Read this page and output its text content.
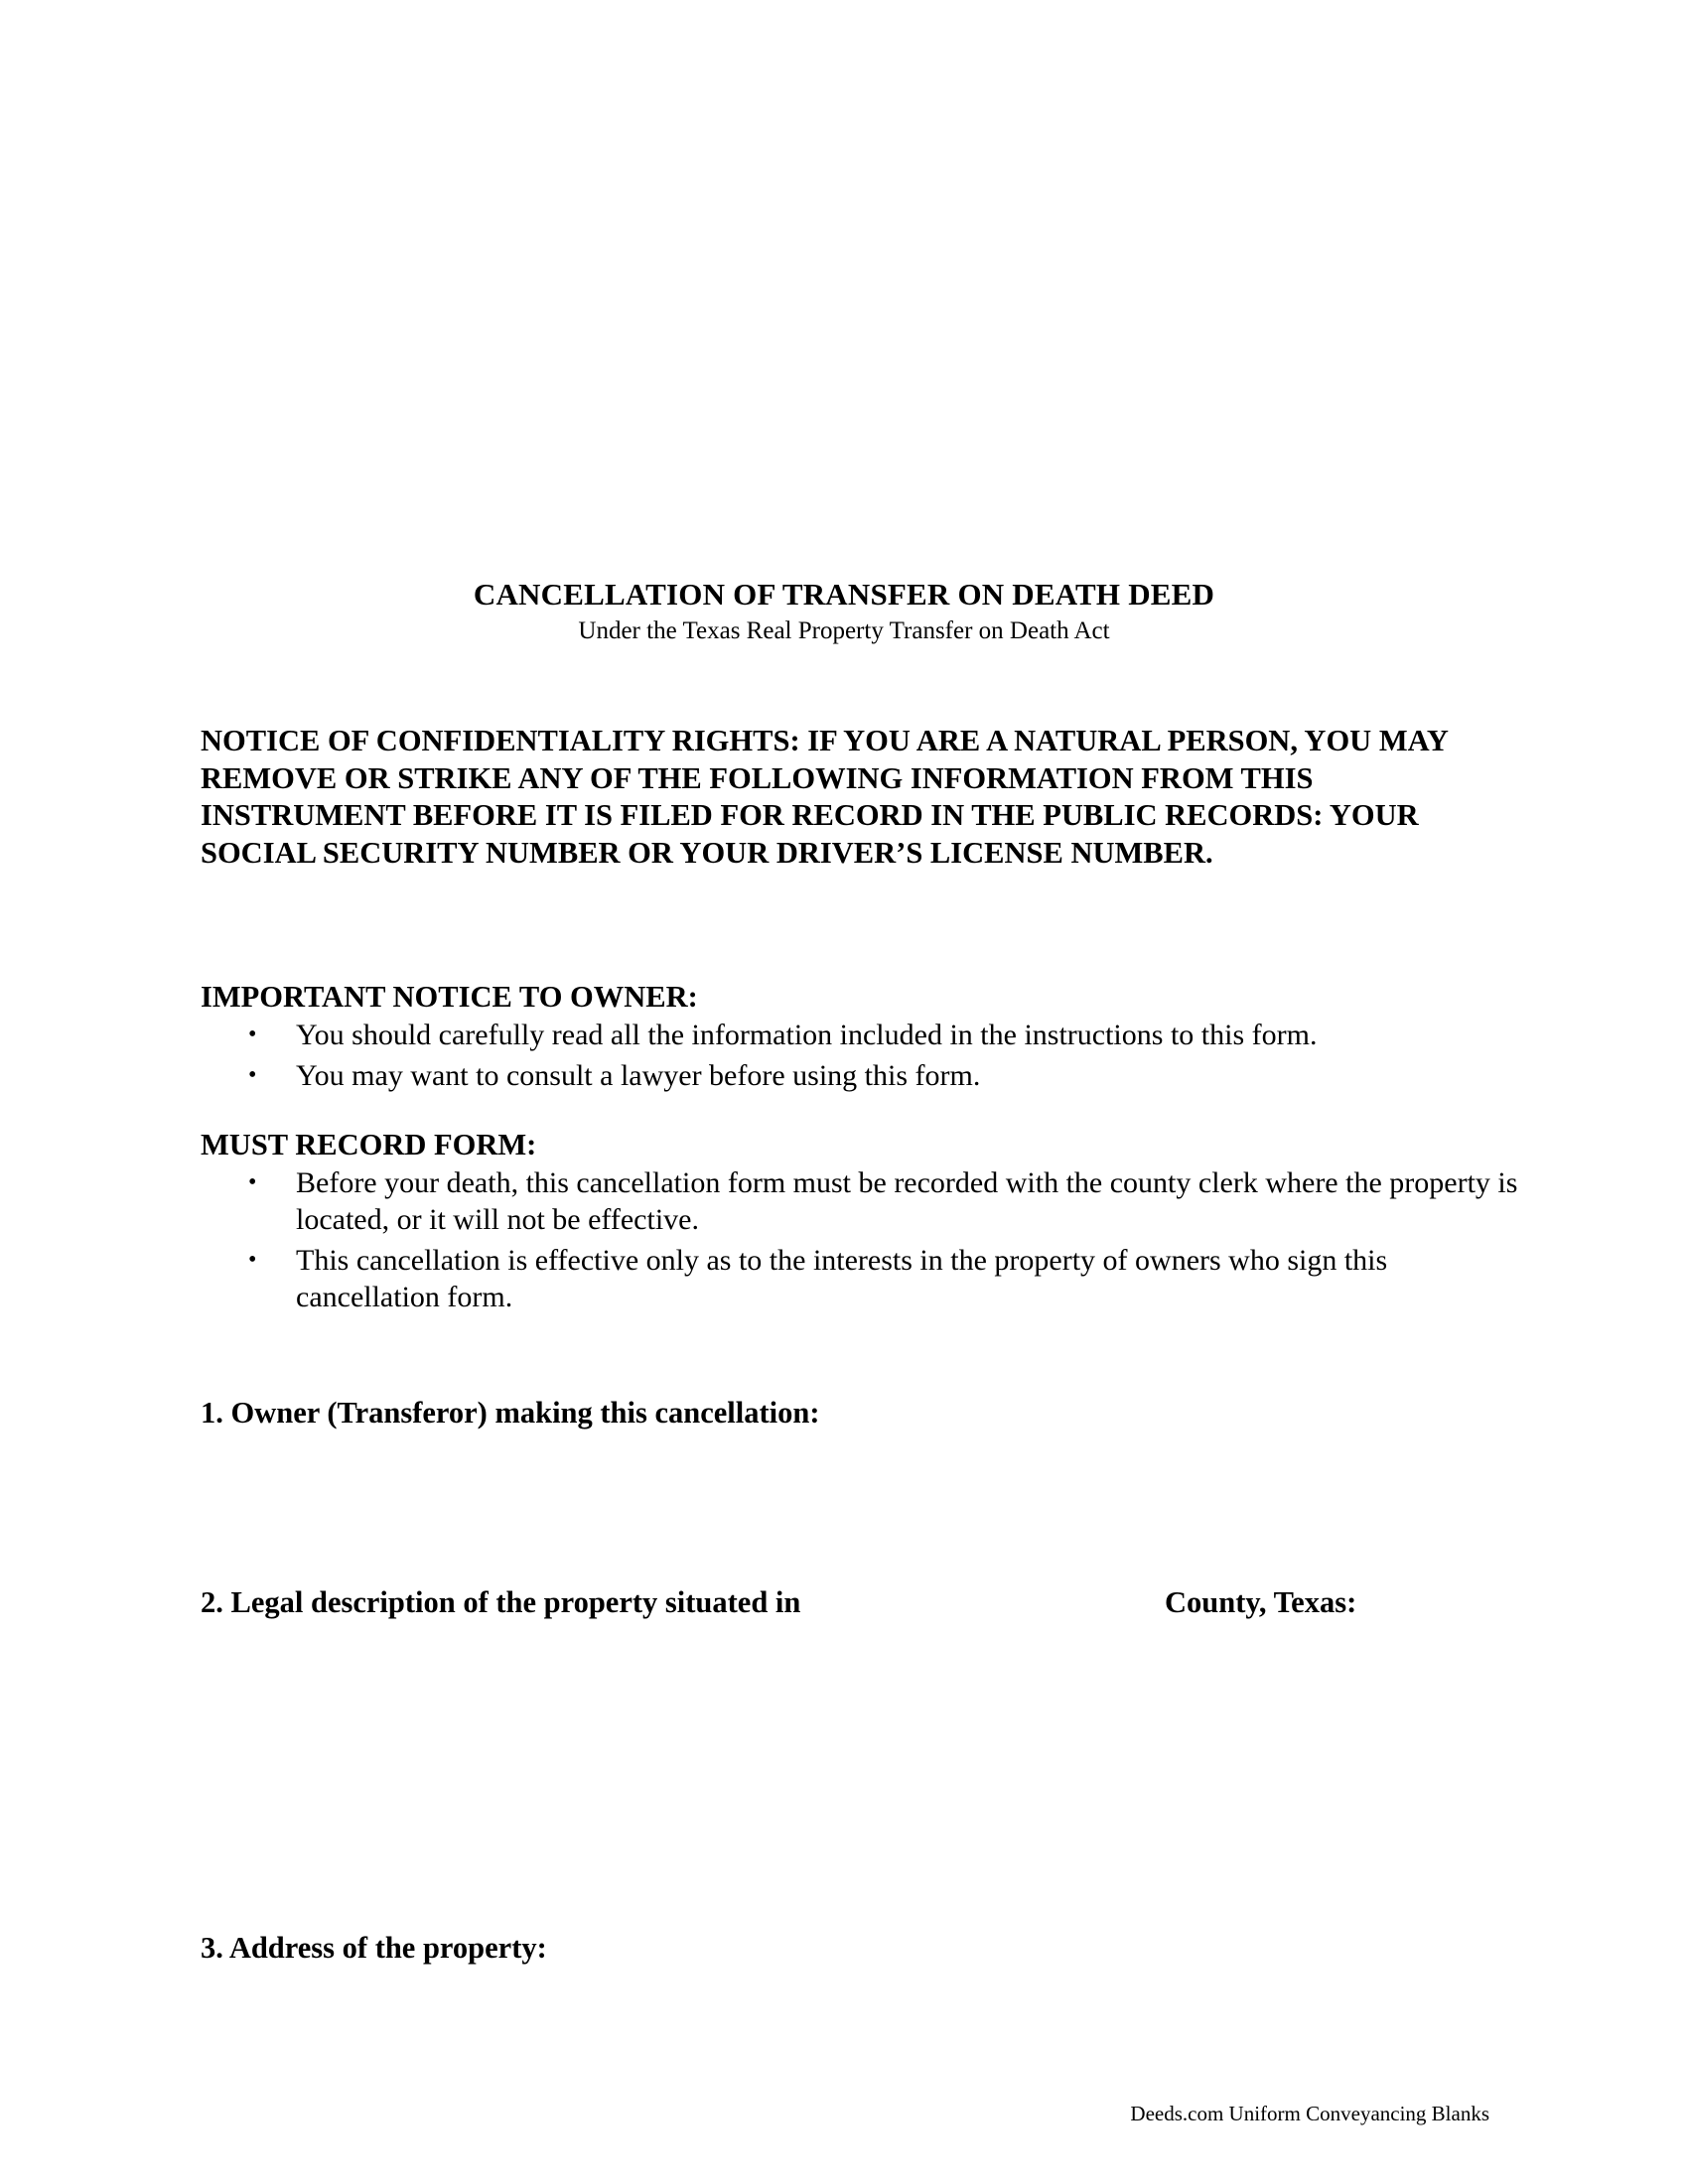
CANCELLATION OF TRANSFER ON DEATH DEED
Under the Texas Real Property Transfer on Death Act
NOTICE OF CONFIDENTIALITY RIGHTS: IF YOU ARE A NATURAL PERSON, YOU MAY REMOVE OR STRIKE ANY OF THE FOLLOWING INFORMATION FROM THIS INSTRUMENT BEFORE IT IS FILED FOR RECORD IN THE PUBLIC RECORDS: YOUR SOCIAL SECURITY NUMBER OR YOUR DRIVER’S LICENSE NUMBER.
IMPORTANT NOTICE TO OWNER:
• You should carefully read all the information included in the instructions to this form.
• You may want to consult a lawyer before using this form.
MUST RECORD FORM:
• Before your death, this cancellation form must be recorded with the county clerk where the property is located, or it will not be effective.
• This cancellation is effective only as to the interests in the property of owners who sign this cancellation form.
1. Owner (Transferor) making this cancellation:
2. Legal description of the property situated in	County, Texas:
3. Address of the property:
Deeds.com Uniform Conveyancing Blanks
